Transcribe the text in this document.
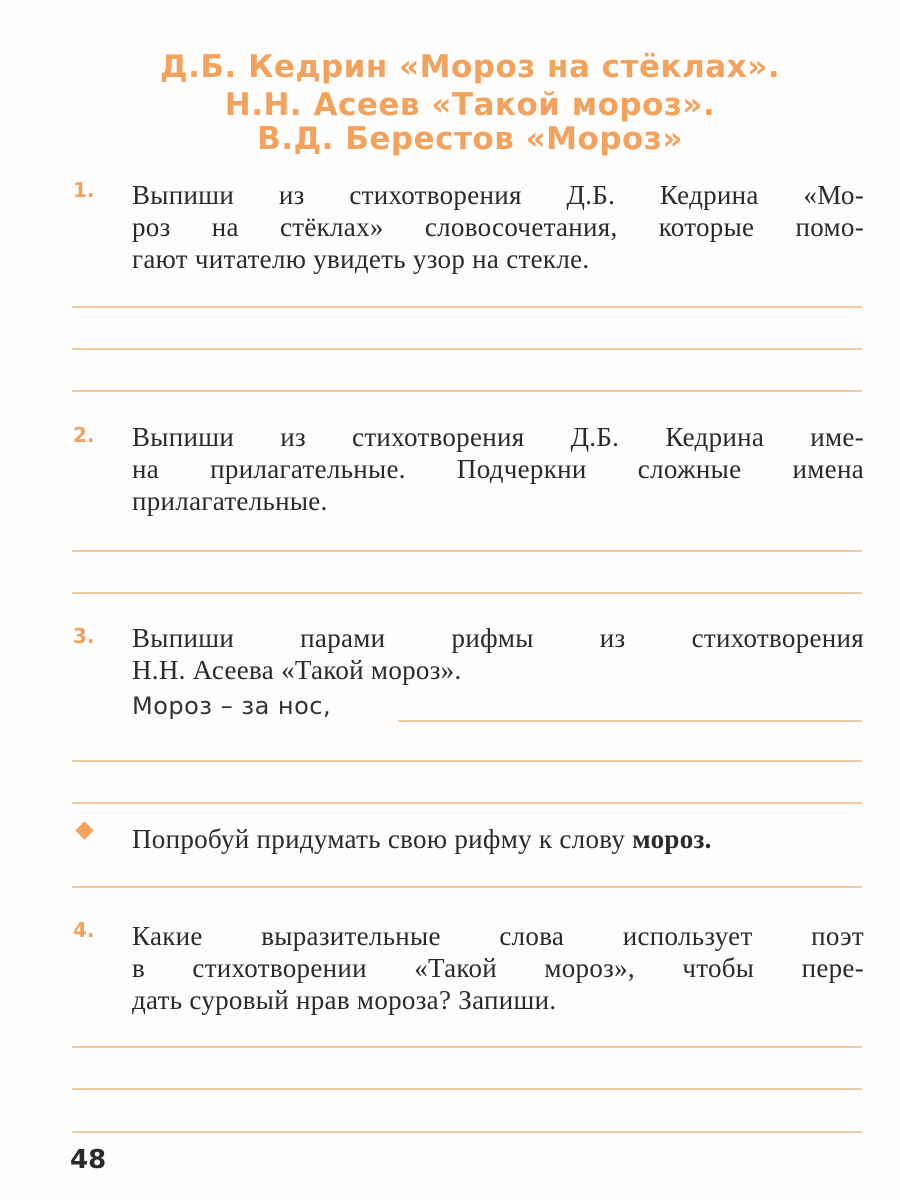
Д.Б. Кедрин «Мороз на стёклах».
Н.Н. Асеев «Такой мороз».
В.Д. Берестов «Мороз»
1. Выпиши из стихотворения Д.Б. Кедрина «Мо-
роз на стёклах» словосочетания, которые помо-
гают читателю увидеть узор на стекле.
2. Выпиши из стихотворения Д.Б. Кедрина име-
на прилагательные. Подчеркни сложные имена
прилагательные.
3. Выпиши парами рифмы из стихотворения
Н.Н. Асеева «Такой мороз».
Мороз – за нос,
Попробуй придумать свою рифму к слову мороз.
4. Какие выразительные слова использует поэт
в стихотворении «Такой мороз», чтобы пере-
дать суровый нрав мороза? Запиши.
48
